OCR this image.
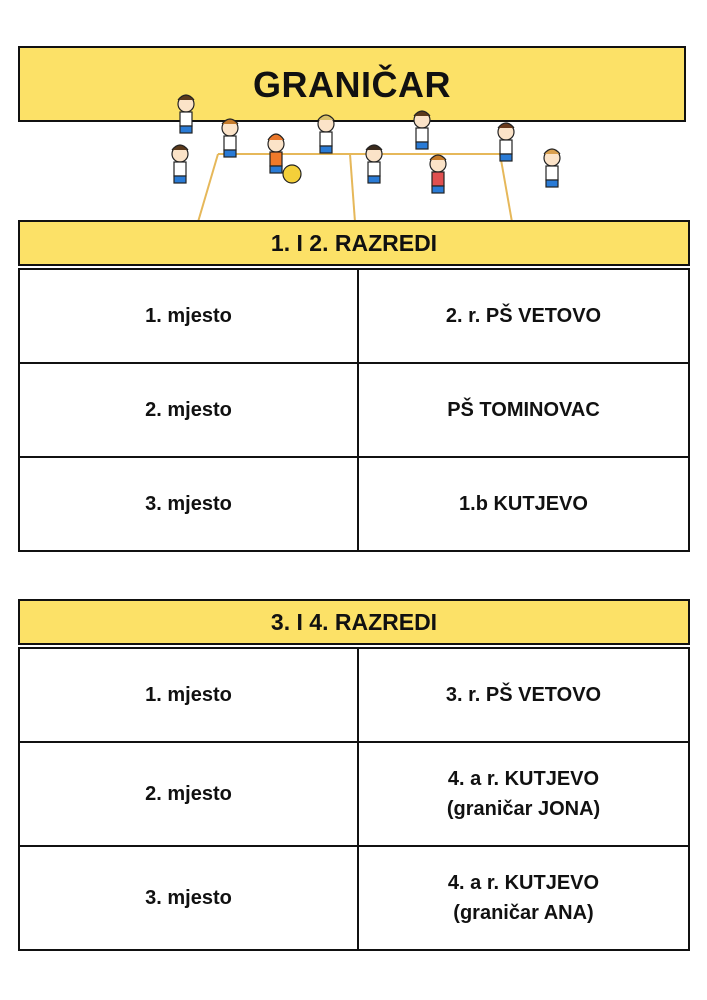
GRANIČAR
1. I 2. RAZREDI
1. mjesto	2. r. PŠ VETOVO
2. mjesto	PŠ TOMINOVAC
3. mjesto	1.b KUTJEVO
3. I 4. RAZREDI
1. mjesto	3. r. PŠ VETOVO
2. mjesto	4. a r. KUTJEVO
(graničar JONA)
3. mjesto	4. a r. KUTJEVO
(graničar ANA)
